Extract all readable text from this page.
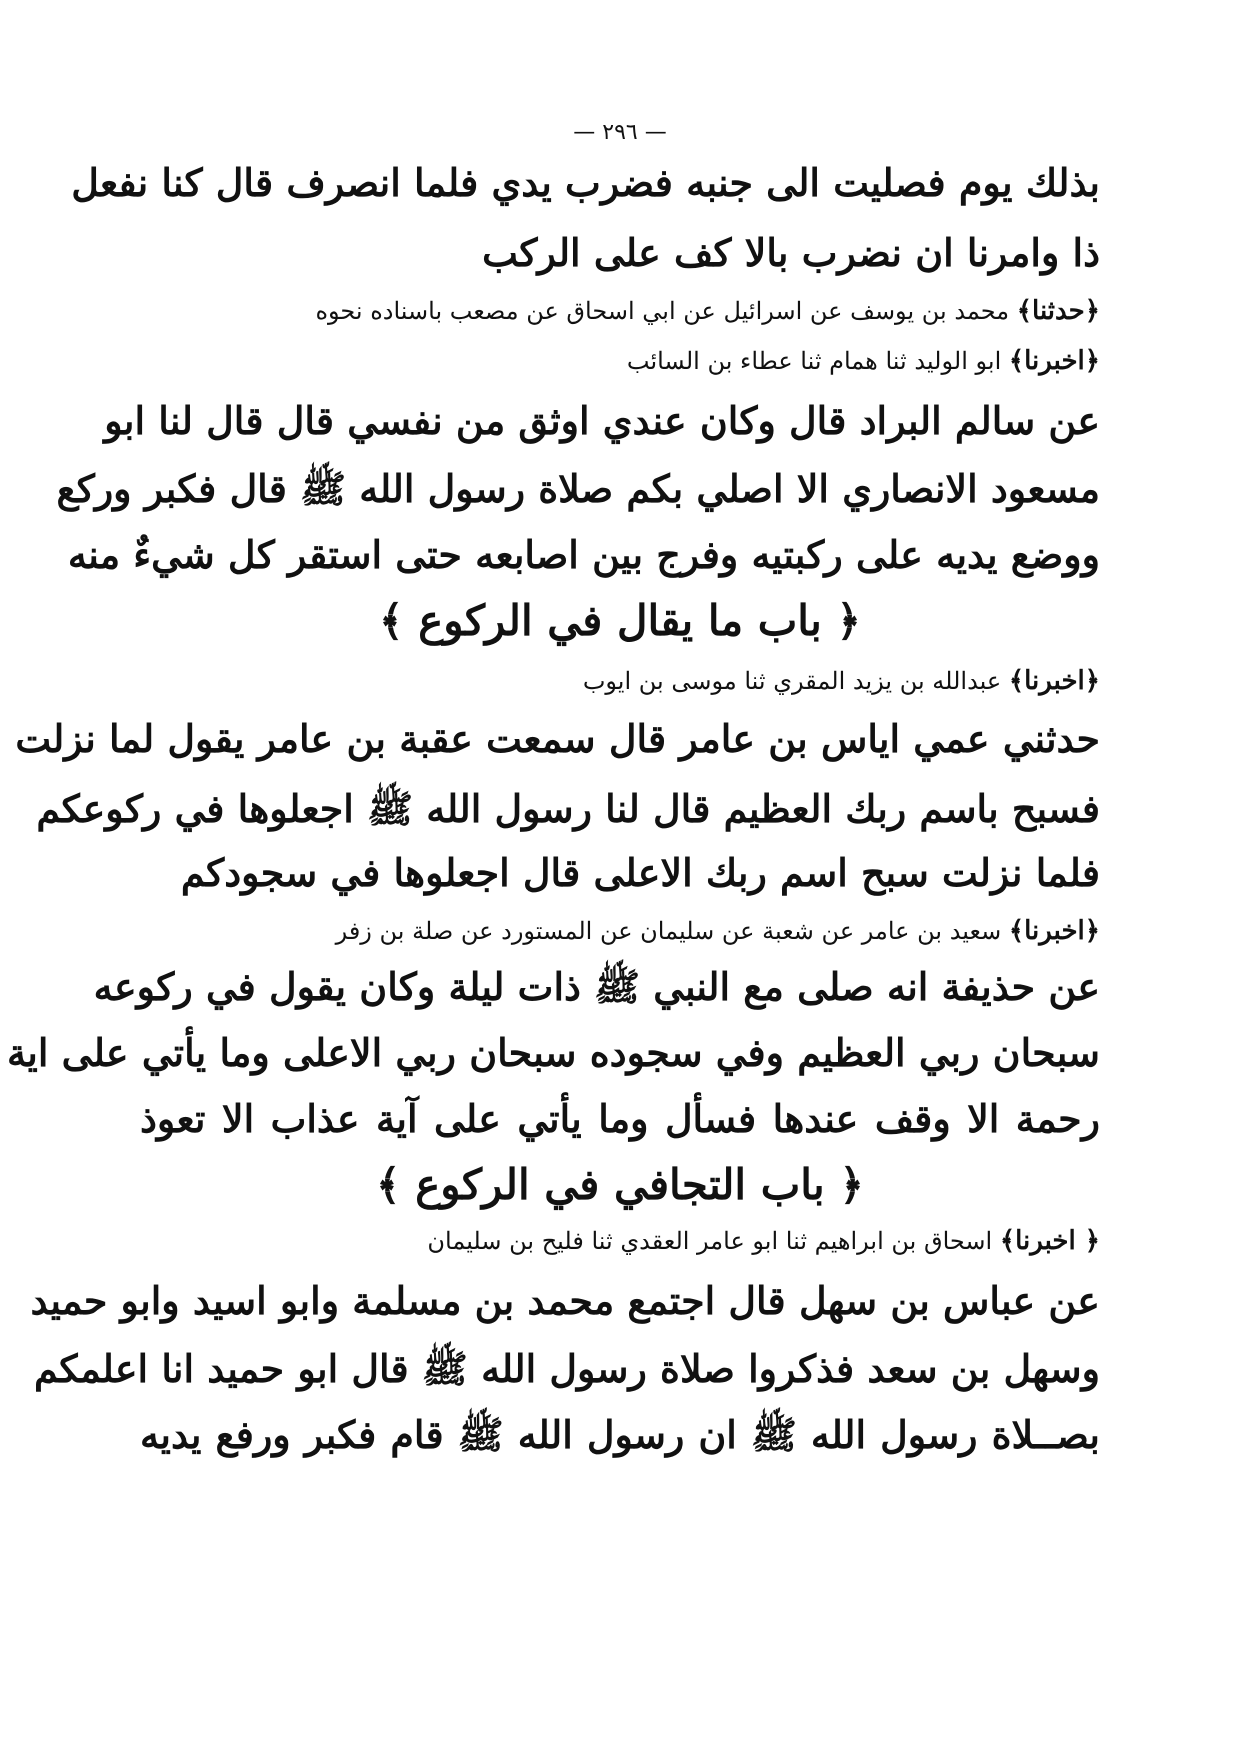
— ٢٩٦ —
بذلك يوم فصليت الى جنبه فضرب يدي فلما انصرف قال كنا نفعل
ذا وامرنا ان نضرب بالا كف على الركب
﴿حدثنا﴾ محمد بن يوسف عن اسرائيل عن ابي اسحاق عن مصعب باسناده نحوه
﴿اخبرنا﴾ ابو الوليد ثنا همام ثنا عطاء بن السائب
عن سالم البراد قال وكان عندي اوثق من نفسي قال قال لنا ابو
مسعود الانصاري الا اصلي بكم صلاة رسول الله ﷺ قال فكبر وركع
ووضع يديه على ركبتيه وفرج بين اصابعه حتى استقر كل شيءٌ منه
﴿ باب ما يقال في الركوع ﴾
﴿اخبرنا﴾ عبدالله بن يزيد المقري ثنا موسى بن ايوب
حدثني عمي اياس بن عامر قال سمعت عقبة بن عامر يقول لما نزلت
فسبح باسم ربك العظيم قال لنا رسول الله ﷺ اجعلوها في ركوعكم
فلما نزلت سبح اسم ربك الاعلى قال اجعلوها في سجودكم
﴿اخبرنا﴾ سعيد بن عامر عن شعبة عن سليمان عن المستورد عن صلة بن زفر
عن حذيفة انه صلى مع النبي ﷺ ذات ليلة وكان يقول في ركوعه
سبحان ربي العظيم وفي سجوده سبحان ربي الاعلى وما يأتي على اية
رحمة الا وقف عندها فسأل وما يأتي على آية عذاب الا تعوذ
﴿ باب التجافي في الركوع ﴾
﴿ اخبرنا﴾ اسحاق بن ابراهيم ثنا ابو عامر العقدي ثنا فليح بن سليمان
عن عباس بن سهل قال اجتمع محمد بن مسلمة وابو اسيد وابو حميد
وسهل بن سعد فذكروا صلاة رسول الله ﷺ قال ابو حميد انا اعلمكم
بصــلاة رسول الله ﷺ ان رسول الله ﷺ قام فكبر ورفع يديه
